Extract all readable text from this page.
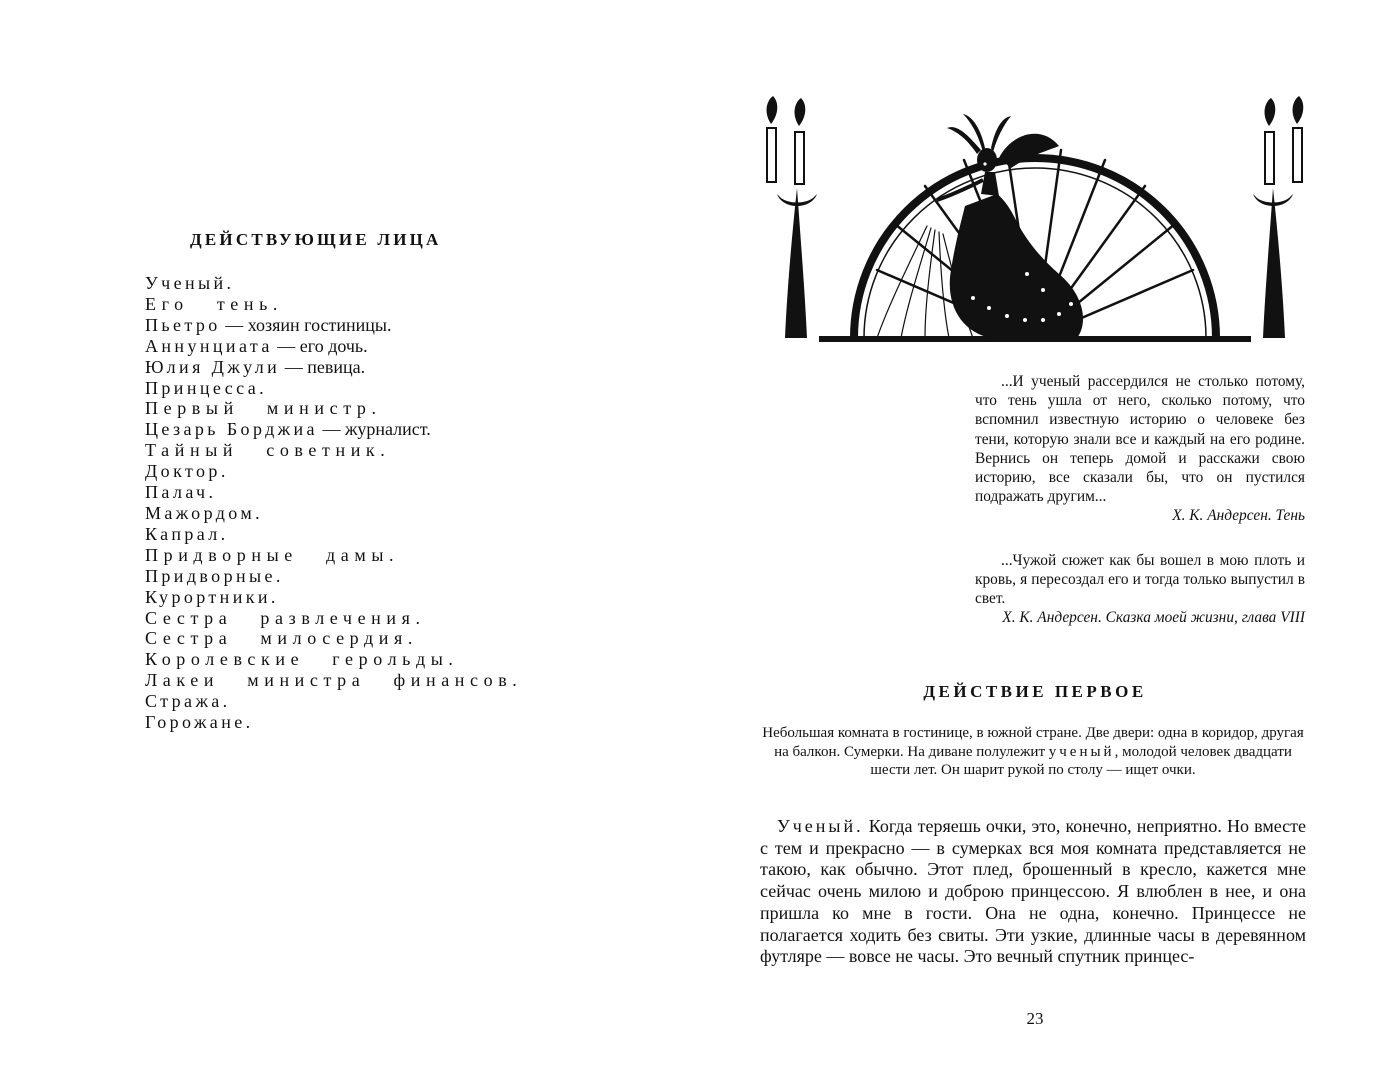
ДЕЙСТВУЮЩИЕ ЛИЦА
Ученый.
Его тень.
Пьетро — хозяин гостиницы.
Аннунциата — его дочь.
Юлия Джули — певица.
Принцесса.
Первый министр.
Цезарь Борджиа — журналист.
Тайный советник.
Доктор.
Палач.
Мажордом.
Капрал.
Придворные дамы.
Придворные.
Курортники.
Сестра развлечения.
Сестра милосердия.
Королевские герольды.
Лакеи министра финансов.
Стража.
Горожане.

...И ученый рассердился не столько потому, что тень ушла от него, сколько потому, что вспомнил известную историю о человеке без тени, которую знали все и каждый на его родине. Вернись он теперь домой и расскажи свою историю, все сказали бы, что он пустился подражать другим...

Х. К. Андерсен. Тень

...Чужой сюжет как бы вошел в мою плоть и кровь, я пересоздал его и тогда только выпустил в свет.

Х. К. Андерсен. Сказка моей жизни, глава VIII

ДЕЙСТВИЕ ПЕРВОЕ

Небольшая комната в гостинице, в южной стране. Две двери: одна в коридор, другая на балкон. Сумерки. На диване полулежит ученый, молодой человек двадцати шести лет. Он шарит рукой по столу — ищет очки.

Ученый. Когда теряешь очки, это, конечно, неприятно. Но вместе с тем и прекрасно — в сумерках вся моя комната представляется не такою, как обычно. Этот плед, брошенный в кресло, кажется мне сейчас очень милою и доброю принцессою. Я влюблен в нее, и она пришла ко мне в гости. Она не одна, конечно. Принцессе не полагается ходить без свиты. Эти узкие, длинные часы в деревянном футляре — вовсе не часы. Это вечный спутник принцес-

23
